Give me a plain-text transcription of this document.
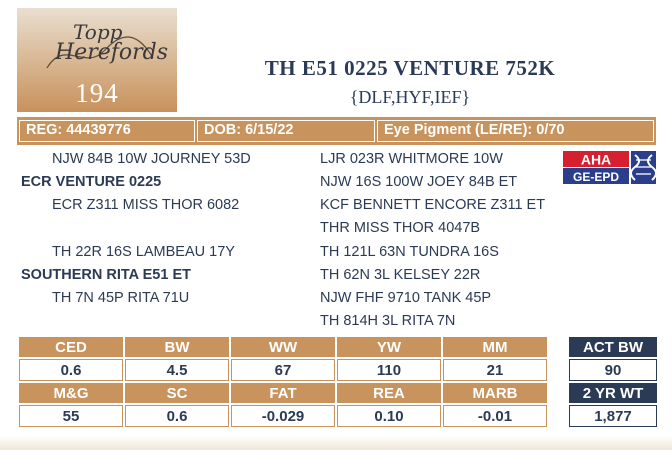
Topp
Herefords
194
TH E51 0225 VENTURE 752K
{DLF,HYF,IEF}
REG: 44439776	DOB: 6/15/22	Eye Pigment (LE/RE): 0/70
NJW 84B 10W JOURNEY 53D
ECR VENTURE 0225
ECR Z311 MISS THOR 6082
TH 22R 16S LAMBEAU 17Y
SOUTHERN RITA E51 ET
TH 7N 45P RITA 71U
LJR 023R WHITMORE 10W
NJW 16S 100W JOEY 84B ET
KCF BENNETT ENCORE Z311 ET
THR MISS THOR 4047B
TH 121L 63N TUNDRA 16S
TH 62N 3L KELSEY 22R
NJW FHF 9710 TANK 45P
TH 814H 3L RITA 7N
AHA
GE-EPD
CED	BW	WW	YW	MM
0.6	4.5	67	110	21
M&G	SC	FAT	REA	MARB
55	0.6	-0.029	0.10	-0.01
ACT BW
90
2 YR WT
1,877
